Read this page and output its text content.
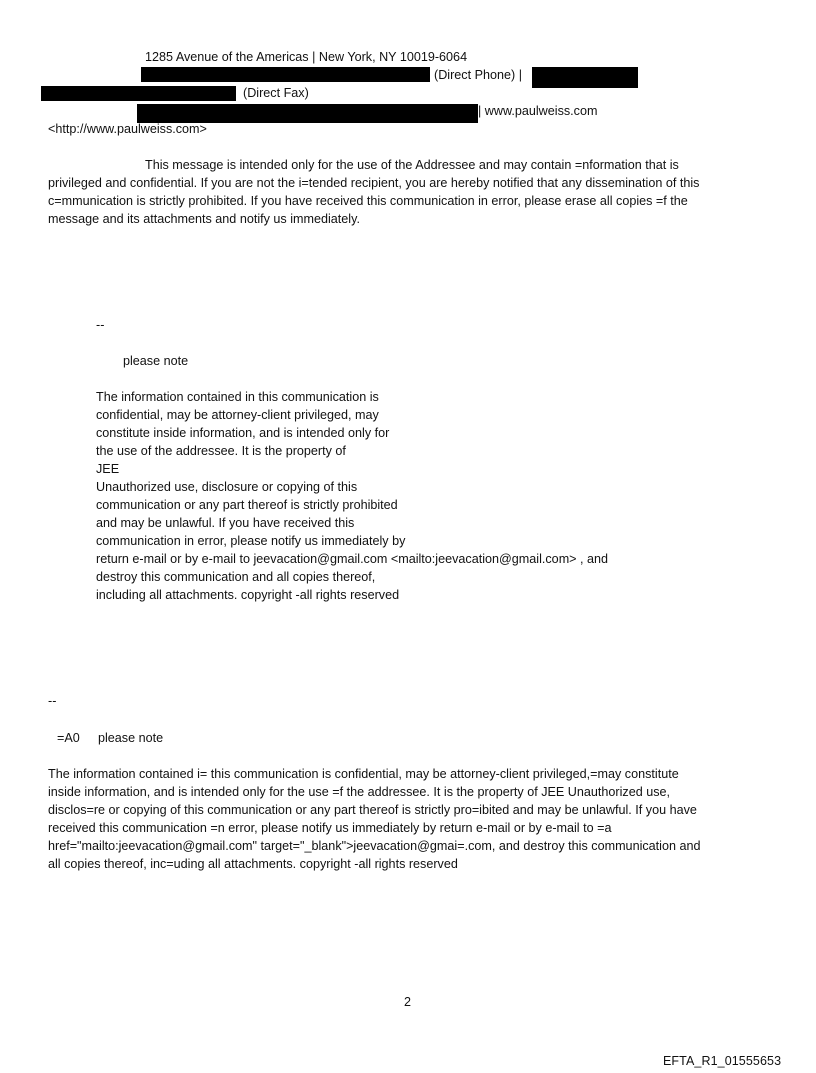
1285 Avenue of the Americas | New York, NY 10019-6064
(Direct Phone) |
(Direct Fax)
| www.paulweiss.com
<http://www.paulweiss.com>
This message is intended only for the use of the Addressee and may contain =nformation that is
privileged and confidential. If you are not the i=tended recipient, you are hereby notified that any dissemination of this
c=mmunication is strictly prohibited. If you have received this communication in error, please erase all copies =f the
message and its attachments and notify us immediately.
--
please note
The information contained in this communication is
confidential, may be attorney-client privileged, may
constitute inside information, and is intended only for
the use of the addressee. It is the property of
JEE
Unauthorized use, disclosure or copying of this
communication or any part thereof is strictly prohibited
and may be unlawful. If you have received this
communication in error, please notify us immediately by
return e-mail or by e-mail to jeevacation@gmail.com <mailto:jeevacation@gmail.com> , and
destroy this communication and all copies thereof,
including all attachments. copyright -all rights reserved
--
=A0 please note
The information contained i= this communication is confidential, may be attorney-client privileged,=may constitute
inside information, and is intended only for the use =f the addressee. It is the property of JEE Unauthorized use,
disclos=re or copying of this communication or any part thereof is strictly pro=ibited and may be unlawful. If you have
received this communication =n error, please notify us immediately by return e-mail or by e-mail to =a
href="mailto:jeevacation@gmail.com" target="_blank">jeevacation@gmai=.com, and destroy this communication and
all copies thereof, inc=uding all attachments. copyright -all rights reserved
2
EFTA_R1_01555653
